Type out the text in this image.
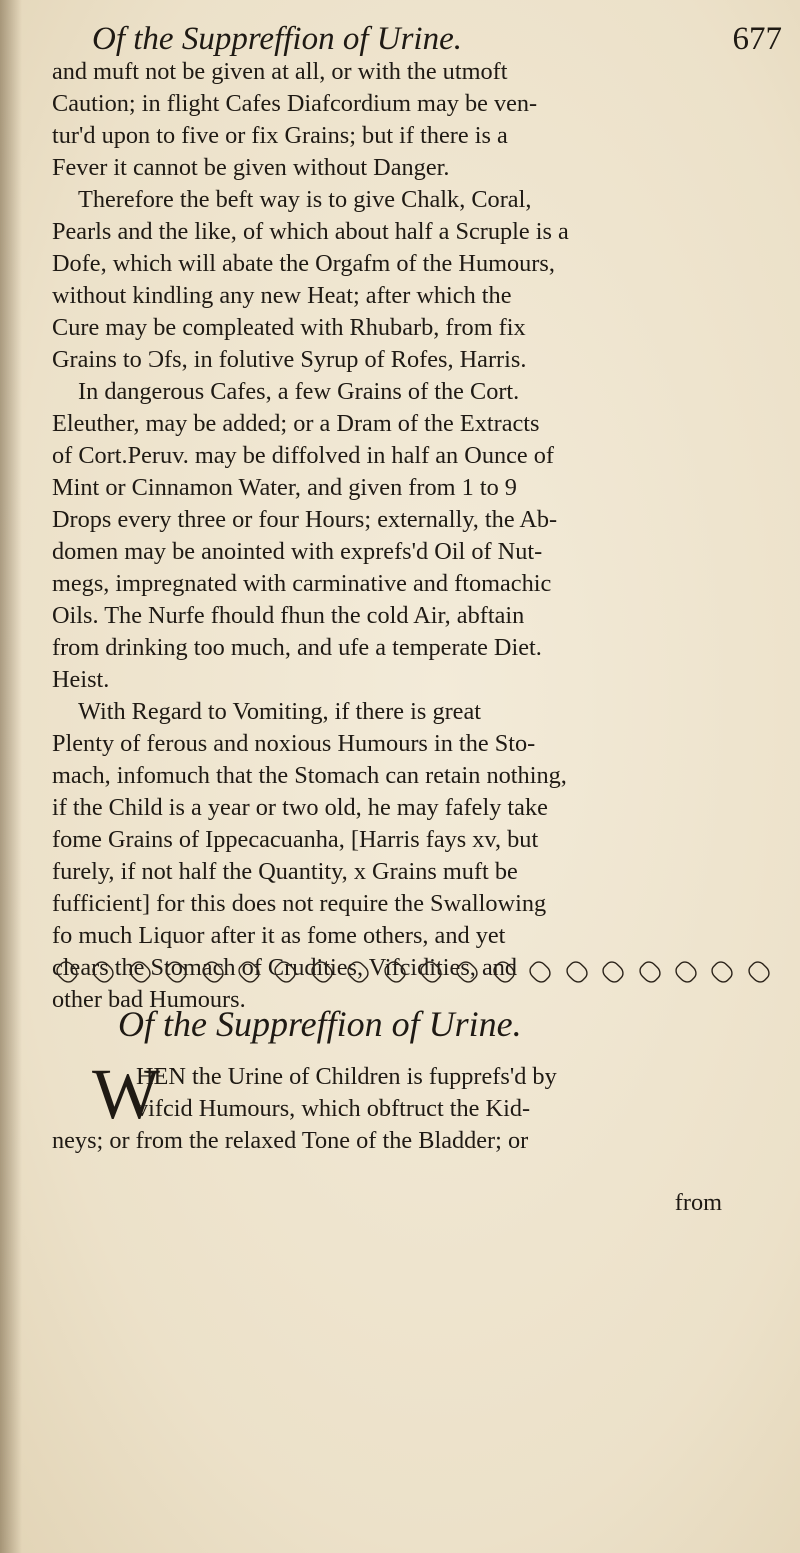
Of the Suppreffion of Urine.	677
and muft not be given at all, or with the utmoft
Caution; in flight Cafes Diafcordium may be ven-
tur'd upon to five or fix Grains; but if there is a
Fever it cannot be given without Danger.
Therefore the beft way is to give Chalk, Coral,
Pearls and the like, of which about half a Scruple is a
Dofe, which will abate the Orgafm of the Humours,
without kindling any new Heat; after which the
Cure may be compleated with Rhubarb, from fix
Grains to Ɔfs, in folutive Syrup of Rofes, Harris.
In dangerous Cafes, a few Grains of the Cort.
Eleuther, may be added; or a Dram of the Extracts
of Cort.Peruv. may be diffolved in half an Ounce of
Mint or Cinnamon Water, and given from 1 to 9
Drops every three or four Hours; externally, the Ab-
domen may be anointed with exprefs'd Oil of Nut-
megs, impregnated with carminative and ftomachic
Oils. The Nurfe fhould fhun the cold Air, abftain
from drinking too much, and ufe a temperate Diet.
Heist.
With Regard to Vomiting, if there is great
Plenty of ferous and noxious Humours in the Sto-
mach, infomuch that the Stomach can retain nothing,
if the Child is a year or two old, he may fafely take
fome Grains of Ippecacuanha, [Harris fays xv, but
furely, if not half the Quantity, x Grains muft be
fufficient] for this does not require the Swallowing
fo much Liquor after it as fome others, and yet
clears the Stomach of Crudities, Vifcidities, and
other bad Humours.
Of the Suppreffion of Urine.
W
HEN the Urine of Children is fupprefs'd by
vifcid Humours, which obftruct the Kid-
neys; or from the relaxed Tone of the Bladder; or
from
